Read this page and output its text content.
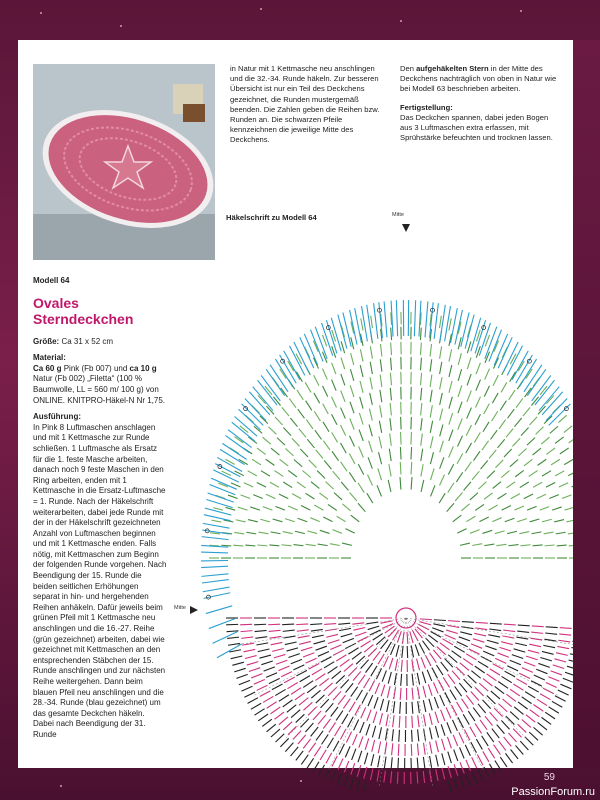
Modell 64
Ovales
Sterndeckchen

Größe: Ca 31 x 52 cm

Material:
Ca 60 g Pink (Fb 007) und ca 10 g Natur (Fb 002) „Filetta“ (100 % Baumwolle, LL = 560 m/ 100 g) von ONLINE. KNITPRO-Häkel-N Nr 1,75.

Ausführung:
In Pink 8 Luftmaschen anschlagen und mit 1 Kettmasche zur Runde schließen. 1 Luftmasche als Ersatz für die 1. feste Masche arbeiten, danach noch 9 feste Maschen in den Ring arbeiten, enden mit 1 Kettmasche in die Ersatz-Luftmasche = 1. Runde. Nach der Häkelschrift weiterarbeiten, dabei jede Runde mit der in der Häkelschrift gezeichneten Anzahl von Luftmaschen beginnen und mit 1 Kettmasche enden. Falls nötig, mit Kettmaschen zum Beginn der folgenden Runde vorgehen. Nach Beendigung der 15. Runde die beiden seitlichen Erhöhungen separat in hin- und hergehenden Reihen anhäkeln. Dafür jeweils beim grünen Pfeil mit 1 Kettmasche neu anschlingen und die 16.-27. Reihe (grün gezeichnet) arbeiten, dabei wie gezeichnet mit Kettmaschen an den entsprechenden Stäbchen der 15. Runde anschlingen und zur nächsten Reihe weitergehen. Dann beim blauen Pfeil neu anschlingen und die 28.-34. Runde (blau gezeichnet) um das gesamte Deckchen häkeln. Dabei nach Beendigung der 31. Runde

in Natur mit 1 Kettmasche neu anschlingen und die 32.-34. Runde häkeln. Zur besseren Übersicht ist nur ein Teil des Deckchens gezeichnet, die Runden mustergemäß beenden. Die Zahlen geben die Reihen bzw. Runden an. Die schwarzen Pfeile kennzeichnen die jeweilige Mitte des Deckchens.

Den aufgehäkelten Stern in der Mitte des Deckchens nachträglich von oben in Natur wie bei Modell 63 beschrieben arbeiten.

Fertigstellung:
Das Deckchen spannen, dabei jeden Bogen aus 3 Luftmaschen extra erfassen, mit Sprühstärke befeuchten und trocknen lassen.

Häkelschrift zu Modell 64	Mitte
Mitte
59
PassionForum.ru
